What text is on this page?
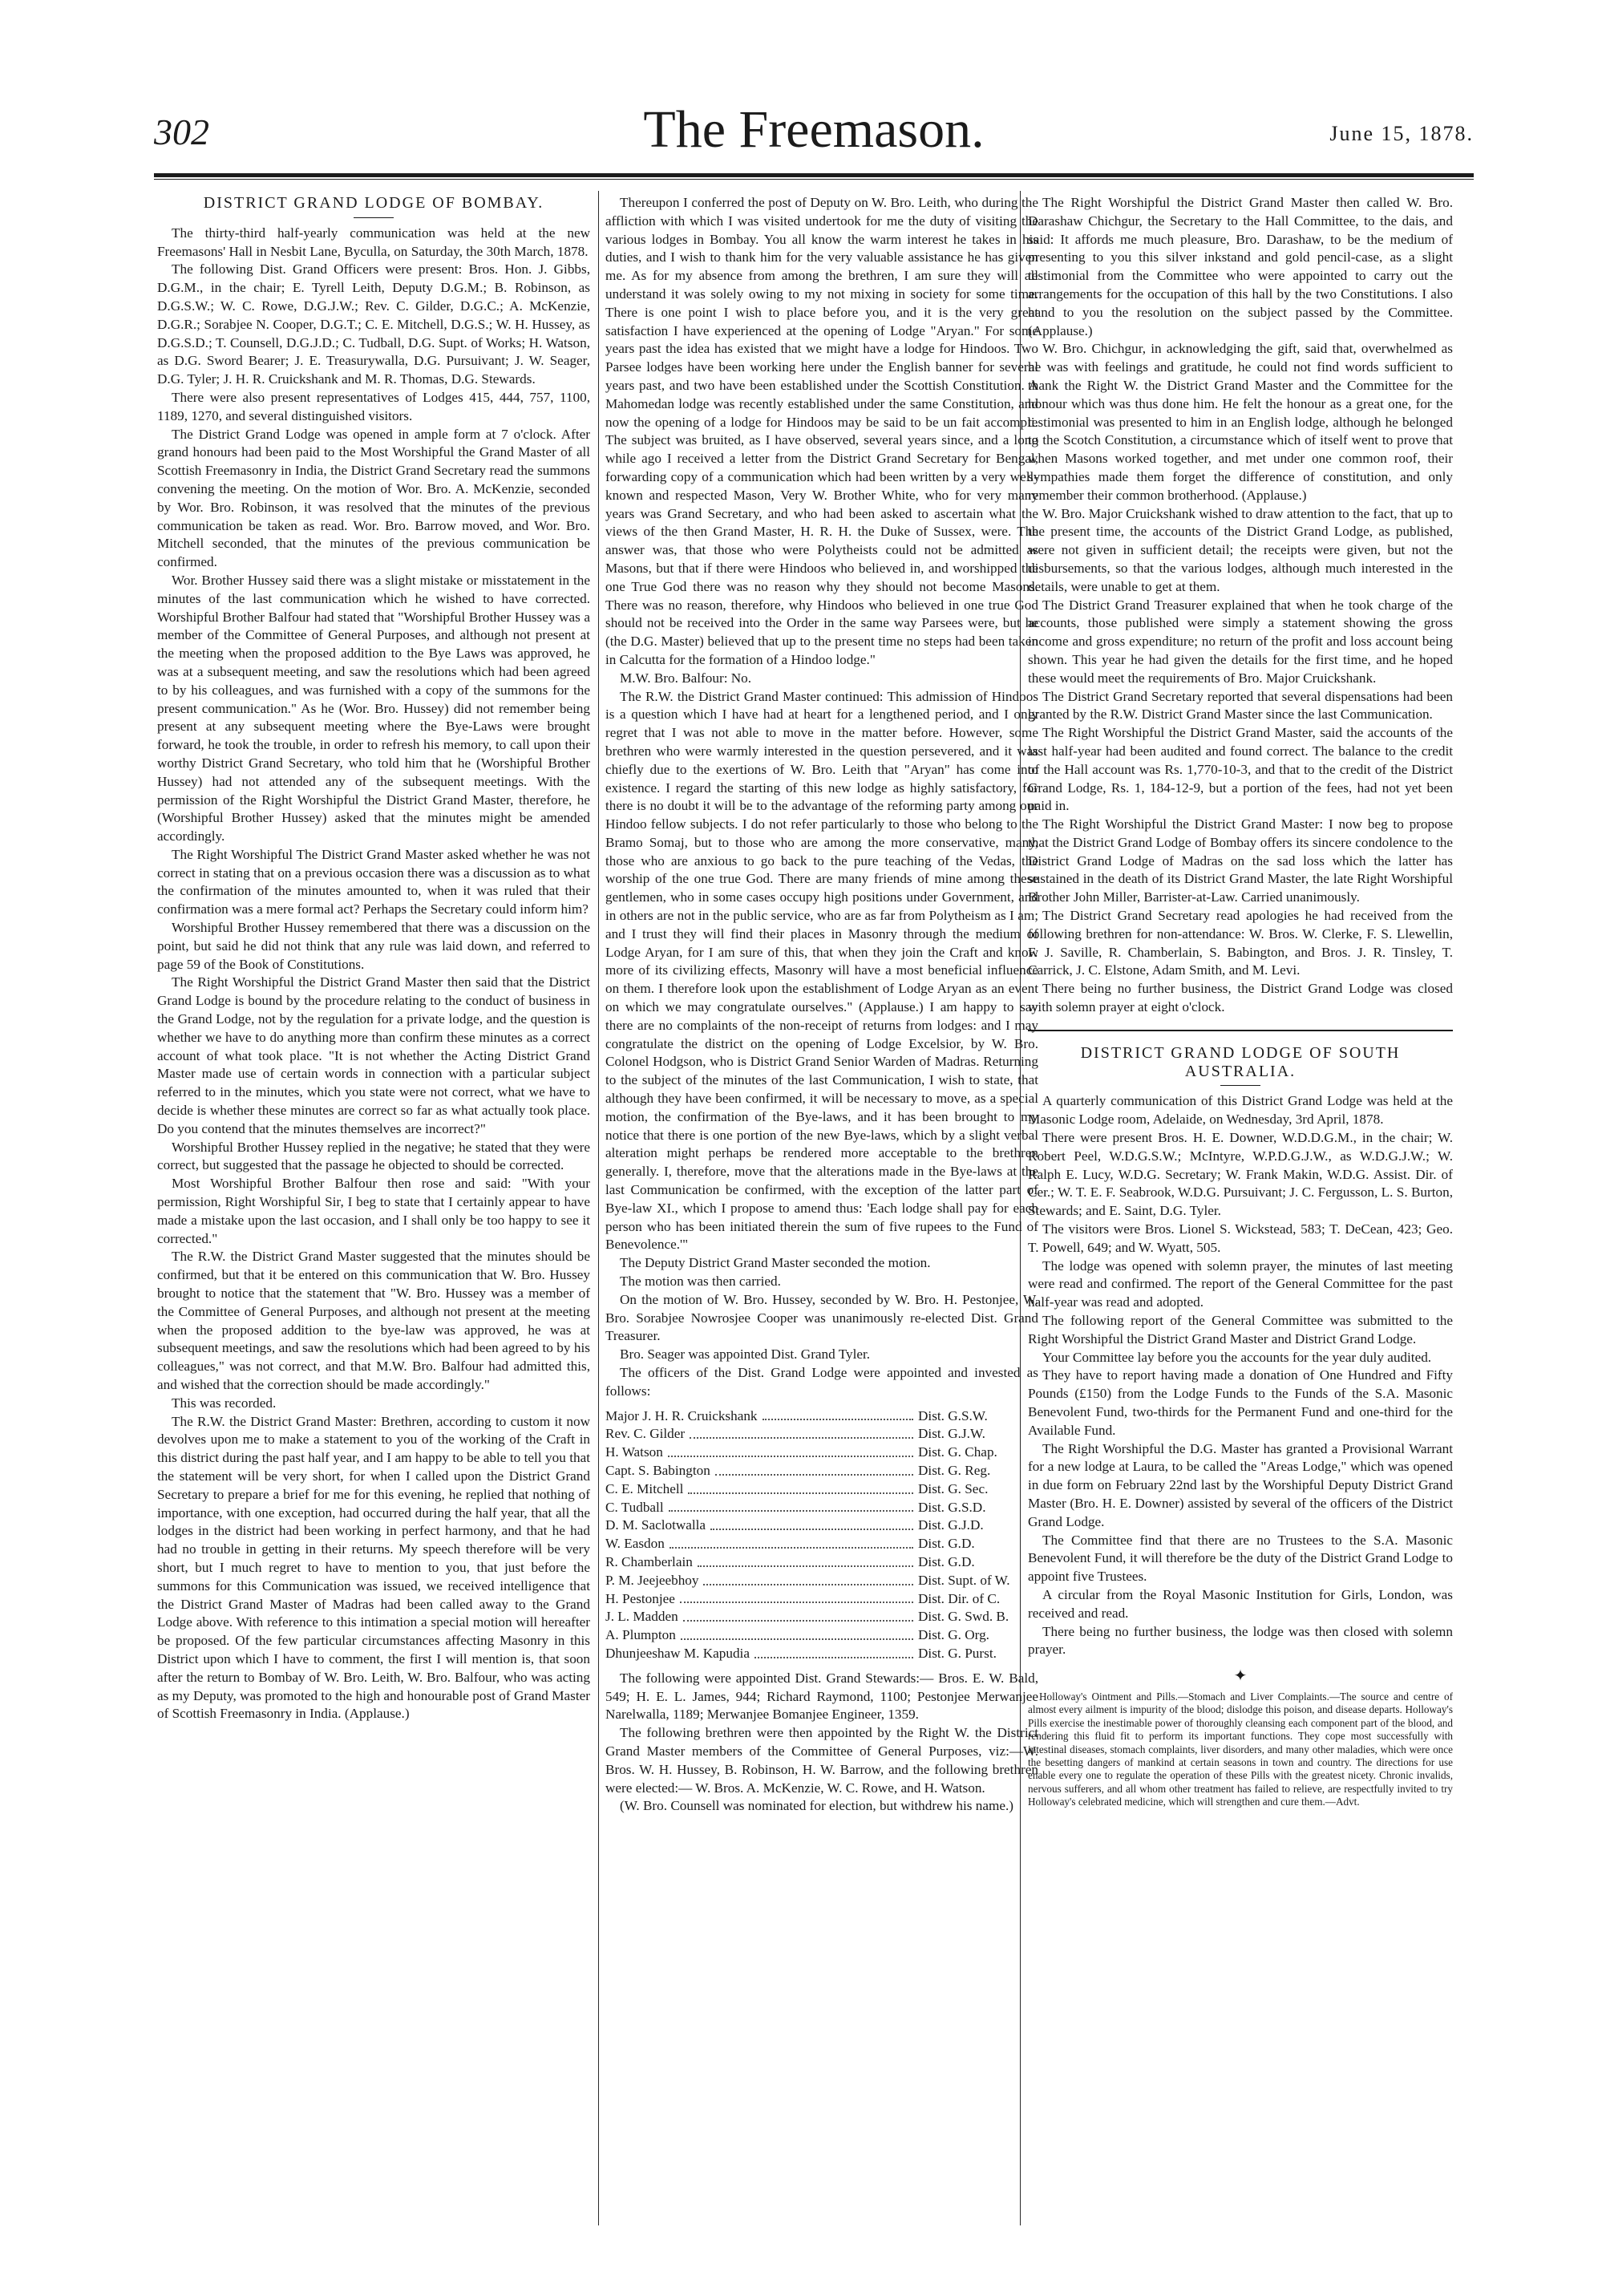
302	The Freemason.	June 15, 1878.
DISTRICT GRAND LODGE OF BOMBAY.

The thirty-third half-yearly communication was held at the new Freemasons' Hall in Nesbit Lane, Byculla, on Saturday, the 30th March, 1878.

The following Dist. Grand Officers were present: Bros. Hon. J. Gibbs, D.G.M., in the chair; E. Tyrell Leith, Deputy D.G.M.; B. Robinson, as D.G.S.W.; W. C. Rowe, D.G.J.W.; Rev. C. Gilder, D.G.C.; A. McKenzie, D.G.R.; Sorabjee N. Cooper, D.G.T.; C. E. Mitchell, D.G.S.; W. H. Hussey, as D.G.S.D.; T. Counsell, D.G.J.D.; C. Tudball, D.G. Supt. of Works; H. Watson, as D.G. Sword Bearer; J. E. Treasurywalla, D.G. Pursuivant; J. W. Seager, D.G. Tyler; J. H. R. Cruickshank and M. R. Thomas, D.G. Stewards.

There were also present representatives of Lodges 415, 444, 757, 1100, 1189, 1270, and several distinguished visitors.

The District Grand Lodge was opened in ample form at 7 o'clock. After grand honours had been paid to the Most Worshipful the Grand Master of all Scottish Freemasonry in India, the District Grand Secretary read the summons convening the meeting. On the motion of Wor. Bro. A. McKenzie, seconded by Wor. Bro. Robinson, it was resolved that the minutes of the previous communication be taken as read. Wor. Bro. Barrow moved, and Wor. Bro. Mitchell seconded, that the minutes of the previous communication be confirmed.

Wor. Brother Hussey said there was a slight mistake or misstatement in the minutes of the last communication which he wished to have corrected. Worshipful Brother Balfour had stated that "Worshipful Brother Hussey was a member of the Committee of General Purposes, and although not present at the meeting when the proposed addition to the Bye Laws was approved, he was at a subsequent meeting, and saw the resolutions which had been agreed to by his colleagues, and was furnished with a copy of the summons for the present communication." As he (Wor. Bro. Hussey) did not remember being present at any subsequent meeting where the Bye-Laws were brought forward, he took the trouble, in order to refresh his memory, to call upon their worthy District Grand Secretary, who told him that he (Worshipful Brother Hussey) had not attended any of the subsequent meetings. With the permission of the Right Worshipful the District Grand Master, therefore, he (Worshipful Brother Hussey) asked that the minutes might be amended accordingly.

The Right Worshipful The District Grand Master asked whether he was not correct in stating that on a previous occasion there was a discussion as to what the confirmation of the minutes amounted to, when it was ruled that their confirmation was a mere formal act? Perhaps the Secretary could inform him?

Worshipful Brother Hussey remembered that there was a discussion on the point, but said he did not think that any rule was laid down, and referred to page 59 of the Book of Constitutions.

The Right Worshipful the District Grand Master then said that the District Grand Lodge is bound by the procedure relating to the conduct of business in the Grand Lodge, not by the regulation for a private lodge, and the question is whether we have to do anything more than confirm these minutes as a correct account of what took place. "It is not whether the Acting District Grand Master made use of certain words in connection with a particular subject referred to in the minutes, which you state were not correct, what we have to decide is whether these minutes are correct so far as what actually took place. Do you contend that the minutes themselves are incorrect?"

Worshipful Brother Hussey replied in the negative; he stated that they were correct, but suggested that the passage he objected to should be corrected.

Most Worshipful Brother Balfour then rose and said: "With your permission, Right Worshipful Sir, I beg to state that I certainly appear to have made a mistake upon the last occasion, and I shall only be too happy to see it corrected."

The R.W. the District Grand Master suggested that the minutes should be confirmed, but that it be entered on this communication that W. Bro. Hussey brought to notice that the statement that "W. Bro. Hussey was a member of the Committee of General Purposes, and although not present at the meeting when the proposed addition to the bye-law was approved, he was at subsequent meetings, and saw the resolutions which had been agreed to by his colleagues," was not correct, and that M.W. Bro. Balfour had admitted this, and wished that the correction should be made accordingly."

This was recorded.

The R.W. the District Grand Master: Brethren, according to custom it now devolves upon me to make a statement to you of the working of the Craft in this district during the past half year, and I am happy to be able to tell you that the statement will be very short, for when I called upon the District Grand Secretary to prepare a brief for me for this evening, he replied that nothing of importance, with one exception, had occurred during the half year, that all the lodges in the district had been working in perfect harmony, and that he had had no trouble in getting in their returns. My speech therefore will be very short, but I much regret to have to mention to you, that just before the summons for this Communication was issued, we received intelligence that the District Grand Master of Madras had been called away to the Grand Lodge above. With reference to this intimation a special motion will hereafter be proposed. Of the few particular circumstances affecting Masonry in this District upon which I have to comment, the first I will mention is, that soon after the return to Bombay of W. Bro. Leith, W. Bro. Balfour, who was acting as my Deputy, was promoted to the high and honourable post of Grand Master of Scottish Freemasonry in India. (Applause.)

Thereupon I conferred the post of Deputy on W. Bro. Leith, who during the affliction with which I was visited undertook for me the duty of visiting the various lodges in Bombay. You all know the warm interest he takes in his duties, and I wish to thank him for the very valuable assistance he has given me. As for my absence from among the brethren, I am sure they will all understand it was solely owing to my not mixing in society for some time. There is one point I wish to place before you, and it is the very great satisfaction I have experienced at the opening of Lodge "Aryan." For some years past the idea has existed that we might have a lodge for Hindoos. Two Parsee lodges have been working here under the English banner for several years past, and two have been established under the Scottish Constitution. A Mahomedan lodge was recently established under the same Constitution, and now the opening of a lodge for Hindoos may be said to be un fait accompli. The subject was bruited, as I have observed, several years since, and a long while ago I received a letter from the District Grand Secretary for Bengal, forwarding copy of a communication which had been written by a very well-known and respected Mason, Very W. Brother White, who for very many years was Grand Secretary, and who had been asked to ascertain what the views of the then Grand Master, H. R. H. the Duke of Sussex, were. The answer was, that those who were Polytheists could not be admitted as Masons, but that if there were Hindoos who believed in, and worshipped the one True God there was no reason why they should not become Masons. There was no reason, therefore, why Hindoos who believed in one true God should not be received into the Order in the same way Parsees were, but he (the D.G. Master) believed that up to the present time no steps had been taken in Calcutta for the formation of a Hindoo lodge."

M.W. Bro. Balfour: No.

The R.W. the District Grand Master continued: This admission of Hindoos is a question which I have had at heart for a lengthened period, and I only regret that I was not able to move in the matter before. However, some brethren who were warmly interested in the question persevered, and it was chiefly due to the exertions of W. Bro. Leith that "Aryan" has come into existence. I regard the starting of this new lodge as highly satisfactory, for there is no doubt it will be to the advantage of the reforming party among our Hindoo fellow subjects. I do not refer particularly to those who belong to the Bramo Somaj, but to those who are among the more conservative, many, those who are anxious to go back to the pure teaching of the Vedas, the worship of the one true God. There are many friends of mine among these gentlemen, who in some cases occupy high positions under Government, and in others are not in the public service, who are as far from Polytheism as I am; and I trust they will find their places in Masonry through the medium of Lodge Aryan, for I am sure of this, that when they join the Craft and know more of its civilizing effects, Masonry will have a most beneficial influence on them. I therefore look upon the establishment of Lodge Aryan as an event on which we may congratulate ourselves." (Applause.) I am happy to say there are no complaints of the non-receipt of returns from lodges: and I may congratulate the district on the opening of Lodge Excelsior, by W. Bro. Colonel Hodgson, who is District Grand Senior Warden of Madras. Returning to the subject of the minutes of the last Communication, I wish to state, that although they have been confirmed, it will be necessary to move, as a special motion, the confirmation of the Bye-laws, and it has been brought to my notice that there is one portion of the new Bye-laws, which by a slight verbal alteration might perhaps be rendered more acceptable to the brethren generally. I, therefore, move that the alterations made in the Bye-laws at the last Communication be confirmed, with the exception of the latter part of Bye-law XI., which I propose to amend thus: 'Each lodge shall pay for each person who has been initiated therein the sum of five rupees to the Fund of Benevolence.'"

The Deputy District Grand Master seconded the motion.

The motion was then carried.

On the motion of W. Bro. Hussey, seconded by W. Bro. H. Pestonjee, W. Bro. Sorabjee Nowrosjee Cooper was unanimously re-elected Dist. Grand Treasurer.

Bro. Seager was appointed Dist. Grand Tyler.

The officers of the Dist. Grand Lodge were appointed and invested as follows:

Major J. H. R. Cruickshank	Dist. G.S.W.
Rev. C. Gilder	Dist. G.J.W.
H. Watson	Dist. G. Chap.
Capt. S. Babington	Dist. G. Reg.
C. E. Mitchell	Dist. G. Sec.
C. Tudball	Dist. G.S.D.
D. M. Saclotwalla	Dist. G.J.D.
W. Easdon	Dist. G.D.
R. Chamberlain	Dist. G.D.
P. M. Jeejeebhoy	Dist. Supt. of W.
H. Pestonjee	Dist. Dir. of C.
J. L. Madden	Dist. G. Swd. B.
A. Plumpton	Dist. G. Org.
Dhunjeeshaw M. Kapudia	Dist. G. Purst.

The following were appointed Dist. Grand Stewards:— Bros. E. W. Bald, 549; H. E. L. James, 944; Richard Raymond, 1100; Pestonjee Merwanjee Narelwalla, 1189; Merwanjee Bomanjee Engineer, 1359.

The following brethren were then appointed by the Right W. the District Grand Master members of the Committee of General Purposes, viz:—W. Bros. W. H. Hussey, B. Robinson, H. W. Barrow, and the following brethren were elected:— W. Bros. A. McKenzie, W. C. Rowe, and H. Watson.

(W. Bro. Counsell was nominated for election, but withdrew his name.)

The Right Worshipful the District Grand Master then called W. Bro. Darashaw Chichgur, the Secretary to the Hall Committee, to the dais, and said: It affords me much pleasure, Bro. Darashaw, to be the medium of presenting to you this silver inkstand and gold pencil-case, as a slight testimonial from the Committee who were appointed to carry out the arrangements for the occupation of this hall by the two Constitutions. I also hand to you the resolution on the subject passed by the Committee. (Applause.)

W. Bro. Chichgur, in acknowledging the gift, said that, overwhelmed as he was with feelings and gratitude, he could not find words sufficient to thank the Right W. the District Grand Master and the Committee for the honour which was thus done him. He felt the honour as a great one, for the testimonial was presented to him in an English lodge, although he belonged to the Scotch Constitution, a circumstance which of itself went to prove that when Masons worked together, and met under one common roof, their sympathies made them forget the difference of constitution, and only remember their common brotherhood. (Applause.)

W. Bro. Major Cruickshank wished to draw attention to the fact, that up to the present time, the accounts of the District Grand Lodge, as published, were not given in sufficient detail; the receipts were given, but not the disbursements, so that the various lodges, although much interested in the details, were unable to get at them.

The District Grand Treasurer explained that when he took charge of the accounts, those published were simply a statement showing the gross income and gross expenditure; no return of the profit and loss account being shown. This year he had given the details for the first time, and he hoped these would meet the requirements of Bro. Major Cruickshank.

The District Grand Secretary reported that several dispensations had been granted by the R.W. District Grand Master since the last Communication.

The Right Worshipful the District Grand Master, said the accounts of the last half-year had been audited and found correct. The balance to the credit of the Hall account was Rs. 1,770-10-3, and that to the credit of the District Grand Lodge, Rs. 1, 184-12-9, but a portion of the fees, had not yet been paid in.

The Right Worshipful the District Grand Master: I now beg to propose that the District Grand Lodge of Bombay offers its sincere condolence to the District Grand Lodge of Madras on the sad loss which the latter has sustained in the death of its District Grand Master, the late Right Worshipful Brother John Miller, Barrister-at-Law. Carried unanimously.

The District Grand Secretary read apologies he had received from the following brethren for non-attendance: W. Bros. W. Clerke, F. S. Llewellin, F. J. Saville, R. Chamberlain, S. Babington, and Bros. J. R. Tinsley, T. Carrick, J. C. Elstone, Adam Smith, and M. Levi.

There being no further business, the District Grand Lodge was closed with solemn prayer at eight o'clock.

DISTRICT GRAND LODGE OF SOUTH AUSTRALIA.

A quarterly communication of this District Grand Lodge was held at the Masonic Lodge room, Adelaide, on Wednesday, 3rd April, 1878.

There were present Bros. H. E. Downer, W.D.D.G.M., in the chair; W. Robert Peel, W.D.G.S.W.; McIntyre, W.P.D.G.J.W., as W.D.G.J.W.; W. Ralph E. Lucy, W.D.G. Secretary; W. Frank Makin, W.D.G. Assist. Dir. of Cer.; W. T. E. F. Seabrook, W.D.G. Pursuivant; J. C. Fergusson, L. S. Burton, Stewards; and E. Saint, D.G. Tyler.

The visitors were Bros. Lionel S. Wickstead, 583; T. DeCean, 423; Geo. T. Powell, 649; and W. Wyatt, 505.

The lodge was opened with solemn prayer, the minutes of last meeting were read and confirmed. The report of the General Committee for the past half-year was read and adopted.

The following report of the General Committee was submitted to the Right Worshipful the District Grand Master and District Grand Lodge.

Your Committee lay before you the accounts for the year duly audited.

They have to report having made a donation of One Hundred and Fifty Pounds (£150) from the Lodge Funds to the Funds of the S.A. Masonic Benevolent Fund, two-thirds for the Permanent Fund and one-third for the Available Fund.

The Right Worshipful the D.G. Master has granted a Provisional Warrant for a new lodge at Laura, to be called the "Areas Lodge," which was opened in due form on February 22nd last by the Worshipful Deputy District Grand Master (Bro. H. E. Downer) assisted by several of the officers of the District Grand Lodge.

The Committee find that there are no Trustees to the S.A. Masonic Benevolent Fund, it will therefore be the duty of the District Grand Lodge to appoint five Trustees.

A circular from the Royal Masonic Institution for Girls, London, was received and read.

There being no further business, the lodge was then closed with solemn prayer.

✦

Holloway's Ointment and Pills.—Stomach and Liver Complaints.—The source and centre of almost every ailment is impurity of the blood; dislodge this poison, and disease departs. Holloway's Pills exercise the inestimable power of thoroughly cleansing each component part of the blood, and rendering this fluid fit to perform its important functions. They cope most successfully with intestinal diseases, stomach complaints, liver disorders, and many other maladies, which were once the besetting dangers of mankind at certain seasons in town and country. The directions for use enable every one to regulate the operation of these Pills with the greatest nicety. Chronic invalids, nervous sufferers, and all whom other treatment has failed to relieve, are respectfully invited to try Holloway's celebrated medicine, which will strengthen and cure them.—Advt.
